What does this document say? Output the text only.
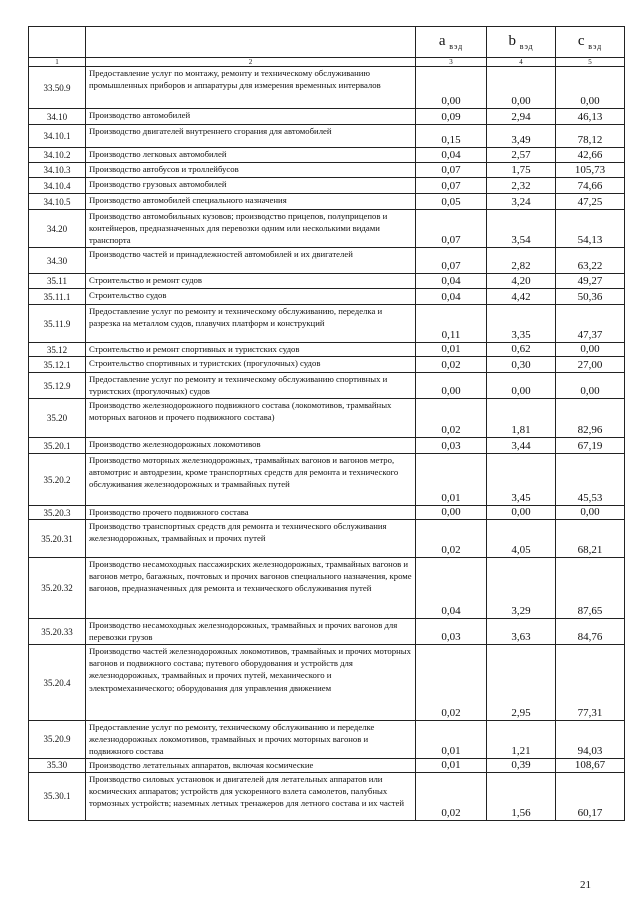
		a $_{вэд}$	b $_{вэд}$	c $_{вэд}$
1	2	3	4	5
33.50.9	Предоставление услуг по монтажу, ремонту и техническому обслуживанию промышленных приборов и аппаратуры для измерения временных интервалов	0,00	0,00	0,00
34.10	Производство автомобилей	0,09	2,94	46,13
34.10.1	Производство двигателей внутреннего сгорания для автомобилей	0,15	3,49	78,12
34.10.2	Производство легковых автомобилей	0,04	2,57	42,66
34.10.3	Производство автобусов и троллейбусов	0,07	1,75	105,73
34.10.4	Производство грузовых автомобилей	0,07	2,32	74,66
34.10.5	Производство автомобилей специального назначения	0,05	3,24	47,25
34.20	Производство автомобильных кузовов; производство прицепов, полуприцепов и контейнеров, предназначенных для перевозки одним или несколькими видами транспорта	0,07	3,54	54,13
34.30	Производство частей и принадлежностей автомобилей и их двигателей	0,07	2,82	63,22
35.11	Строительство и ремонт судов	0,04	4,20	49,27
35.11.1	Строительство судов	0,04	4,42	50,36
35.11.9	Предоставление услуг по ремонту и техническому обслуживанию, переделка и разрезка на металлом судов, плавучих платформ и конструкций	0,11	3,35	47,37
35.12	Строительство и ремонт спортивных и туристских судов	0,01	0,62	0,00
35.12.1	Строительство спортивных и туристских (прогулочных) судов	0,02	0,30	27,00
35.12.9	Предоставление услуг по ремонту и техническому обслуживанию спортивных и туристских (прогулочных) судов	0,00	0,00	0,00
35.20	Производство железнодорожного подвижного состава (локомотивов, трамвайных моторных вагонов и прочего подвижного состава)	0,02	1,81	82,96
35.20.1	Производство железнодорожных локомотивов	0,03	3,44	67,19
35.20.2	Производство моторных железнодорожных, трамвайных вагонов и вагонов метро, автомотрис и автодрезин, кроме транспортных средств для ремонта и технического обслуживания железнодорожных и трамвайных путей	0,01	3,45	45,53
35.20.3	Производство прочего подвижного состава	0,00	0,00	0,00
35.20.31	Производство транспортных средств для ремонта и технического обслуживания железнодорожных, трамвайных и прочих путей	0,02	4,05	68,21
35.20.32	Производство несамоходных пассажирских железнодорожных, трамвайных вагонов и вагонов метро, багажных, почтовых и прочих вагонов специального назначения, кроме вагонов, предназначенных для ремонта и технического обслуживания путей	0,04	3,29	87,65
35.20.33	Производство несамоходных железнодорожных, трамвайных и прочих вагонов для перевозки грузов	0,03	3,63	84,76
35.20.4	Производство частей железнодорожных локомотивов, трамвайных и прочих моторных вагонов и подвижного состава; путевого оборудования и устройств для железнодорожных, трамвайных и прочих путей, механического и электромеханического; оборудования для управления движением	0,02	2,95	77,31
35.20.9	Предоставление услуг по ремонту, техническому обслуживанию и переделке железнодорожных локомотивов, трамвайных и прочих моторных вагонов и подвижного состава	0,01	1,21	94,03
35.30	Производство летательных аппаратов, включая космические	0,01	0,39	108,67
35.30.1	Производство силовых установок и двигателей для летательных аппаратов или космических аппаратов; устройств для ускоренного взлета самолетов, палубных тормозных устройств; наземных летных тренажеров для летного состава и их частей	0,02	1,56	60,17
21
